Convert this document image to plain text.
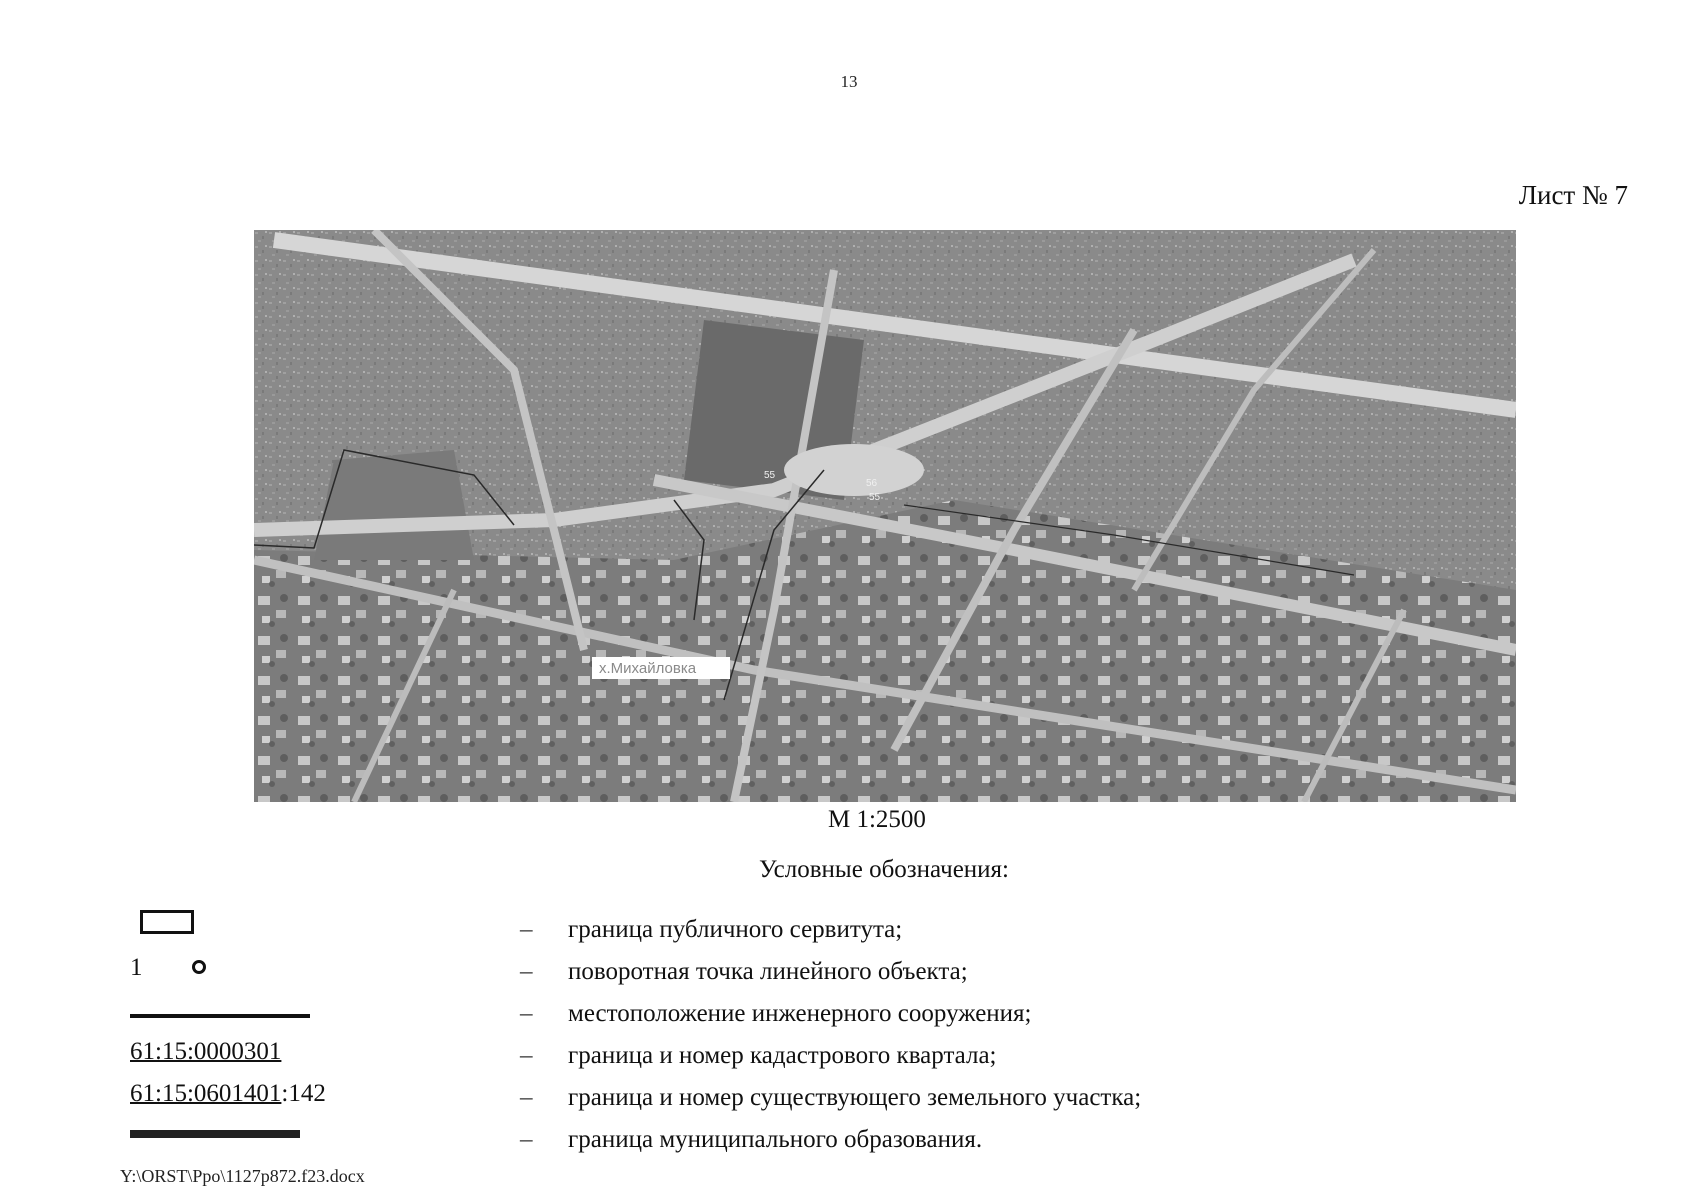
13
Лист № 7
55
56
55
х.Михайловка
М 1:2500
Условные обозначения:
1
61:15:0000301
61:15:0601401:142
– граница публичного сервитута;
– поворотная точка линейного объекта;
– местоположение инженерного сооружения;
– граница и номер кадастрового квартала;
– граница и номер существующего земельного участка;
– граница муниципального образования.
Y:\ORST\Ppo\1127p872.f23.docx
